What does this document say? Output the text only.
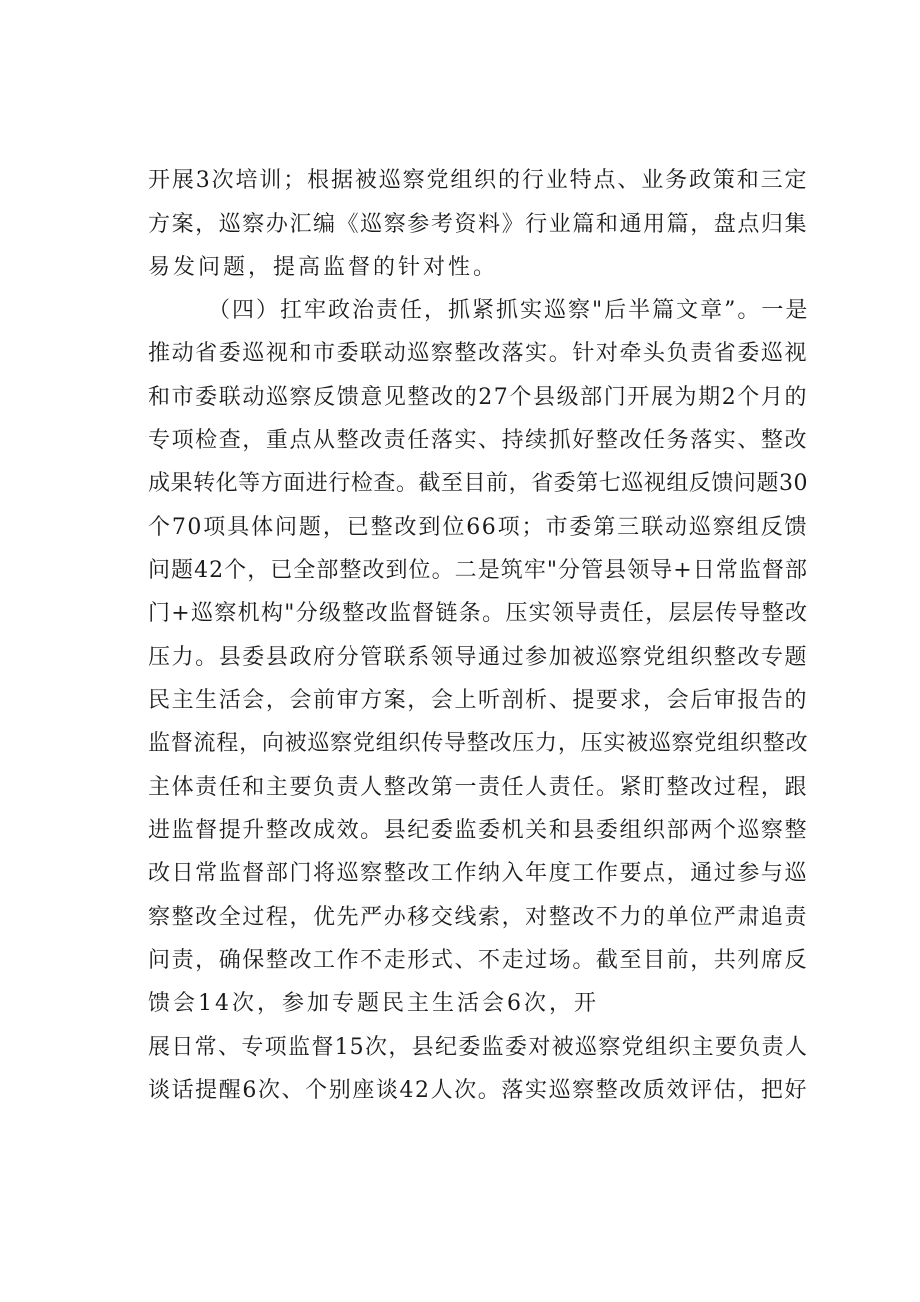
开展3次培训；根据被巡察党组织的行业特点、业务政策和三定
方案，巡察办汇编《巡察参考资料》行业篇和通用篇，盘点归集
易发问题，提高监督的针对性。
（四）扛牢政治责任，抓紧抓实巡察"后半篇文章”。一是
推动省委巡视和市委联动巡察整改落实。针对牵头负责省委巡视
和市委联动巡察反馈意见整改的27个县级部门开展为期2个月的
专项检查，重点从整改责任落实、持续抓好整改任务落实、整改
成果转化等方面进行检查。截至目前，省委第七巡视组反馈问题30
个70项具体问题，已整改到位66项；市委第三联动巡察组反馈
问题42个，已全部整改到位。二是筑牢"分管县领导+日常监督部
门+巡察机构"分级整改监督链条。压实领导责任，层层传导整改
压力。县委县政府分管联系领导通过参加被巡察党组织整改专题
民主生活会，会前审方案，会上听剖析、提要求，会后审报告的
监督流程，向被巡察党组织传导整改压力，压实被巡察党组织整改
主体责任和主要负责人整改第一责任人责任。紧盯整改过程，跟
进监督提升整改成效。县纪委监委机关和县委组织部两个巡察整
改日常监督部门将巡察整改工作纳入年度工作要点，通过参与巡
察整改全过程，优先严办移交线索，对整改不力的单位严肃追责
问责，确保整改工作不走形式、不走过场。截至目前，共列席反
馈会14次，参加专题民主生活会6次，开
展日常、专项监督15次，县纪委监委对被巡察党组织主要负责人
谈话提醒6次、个别座谈42人次。落实巡察整改质效评估，把好
